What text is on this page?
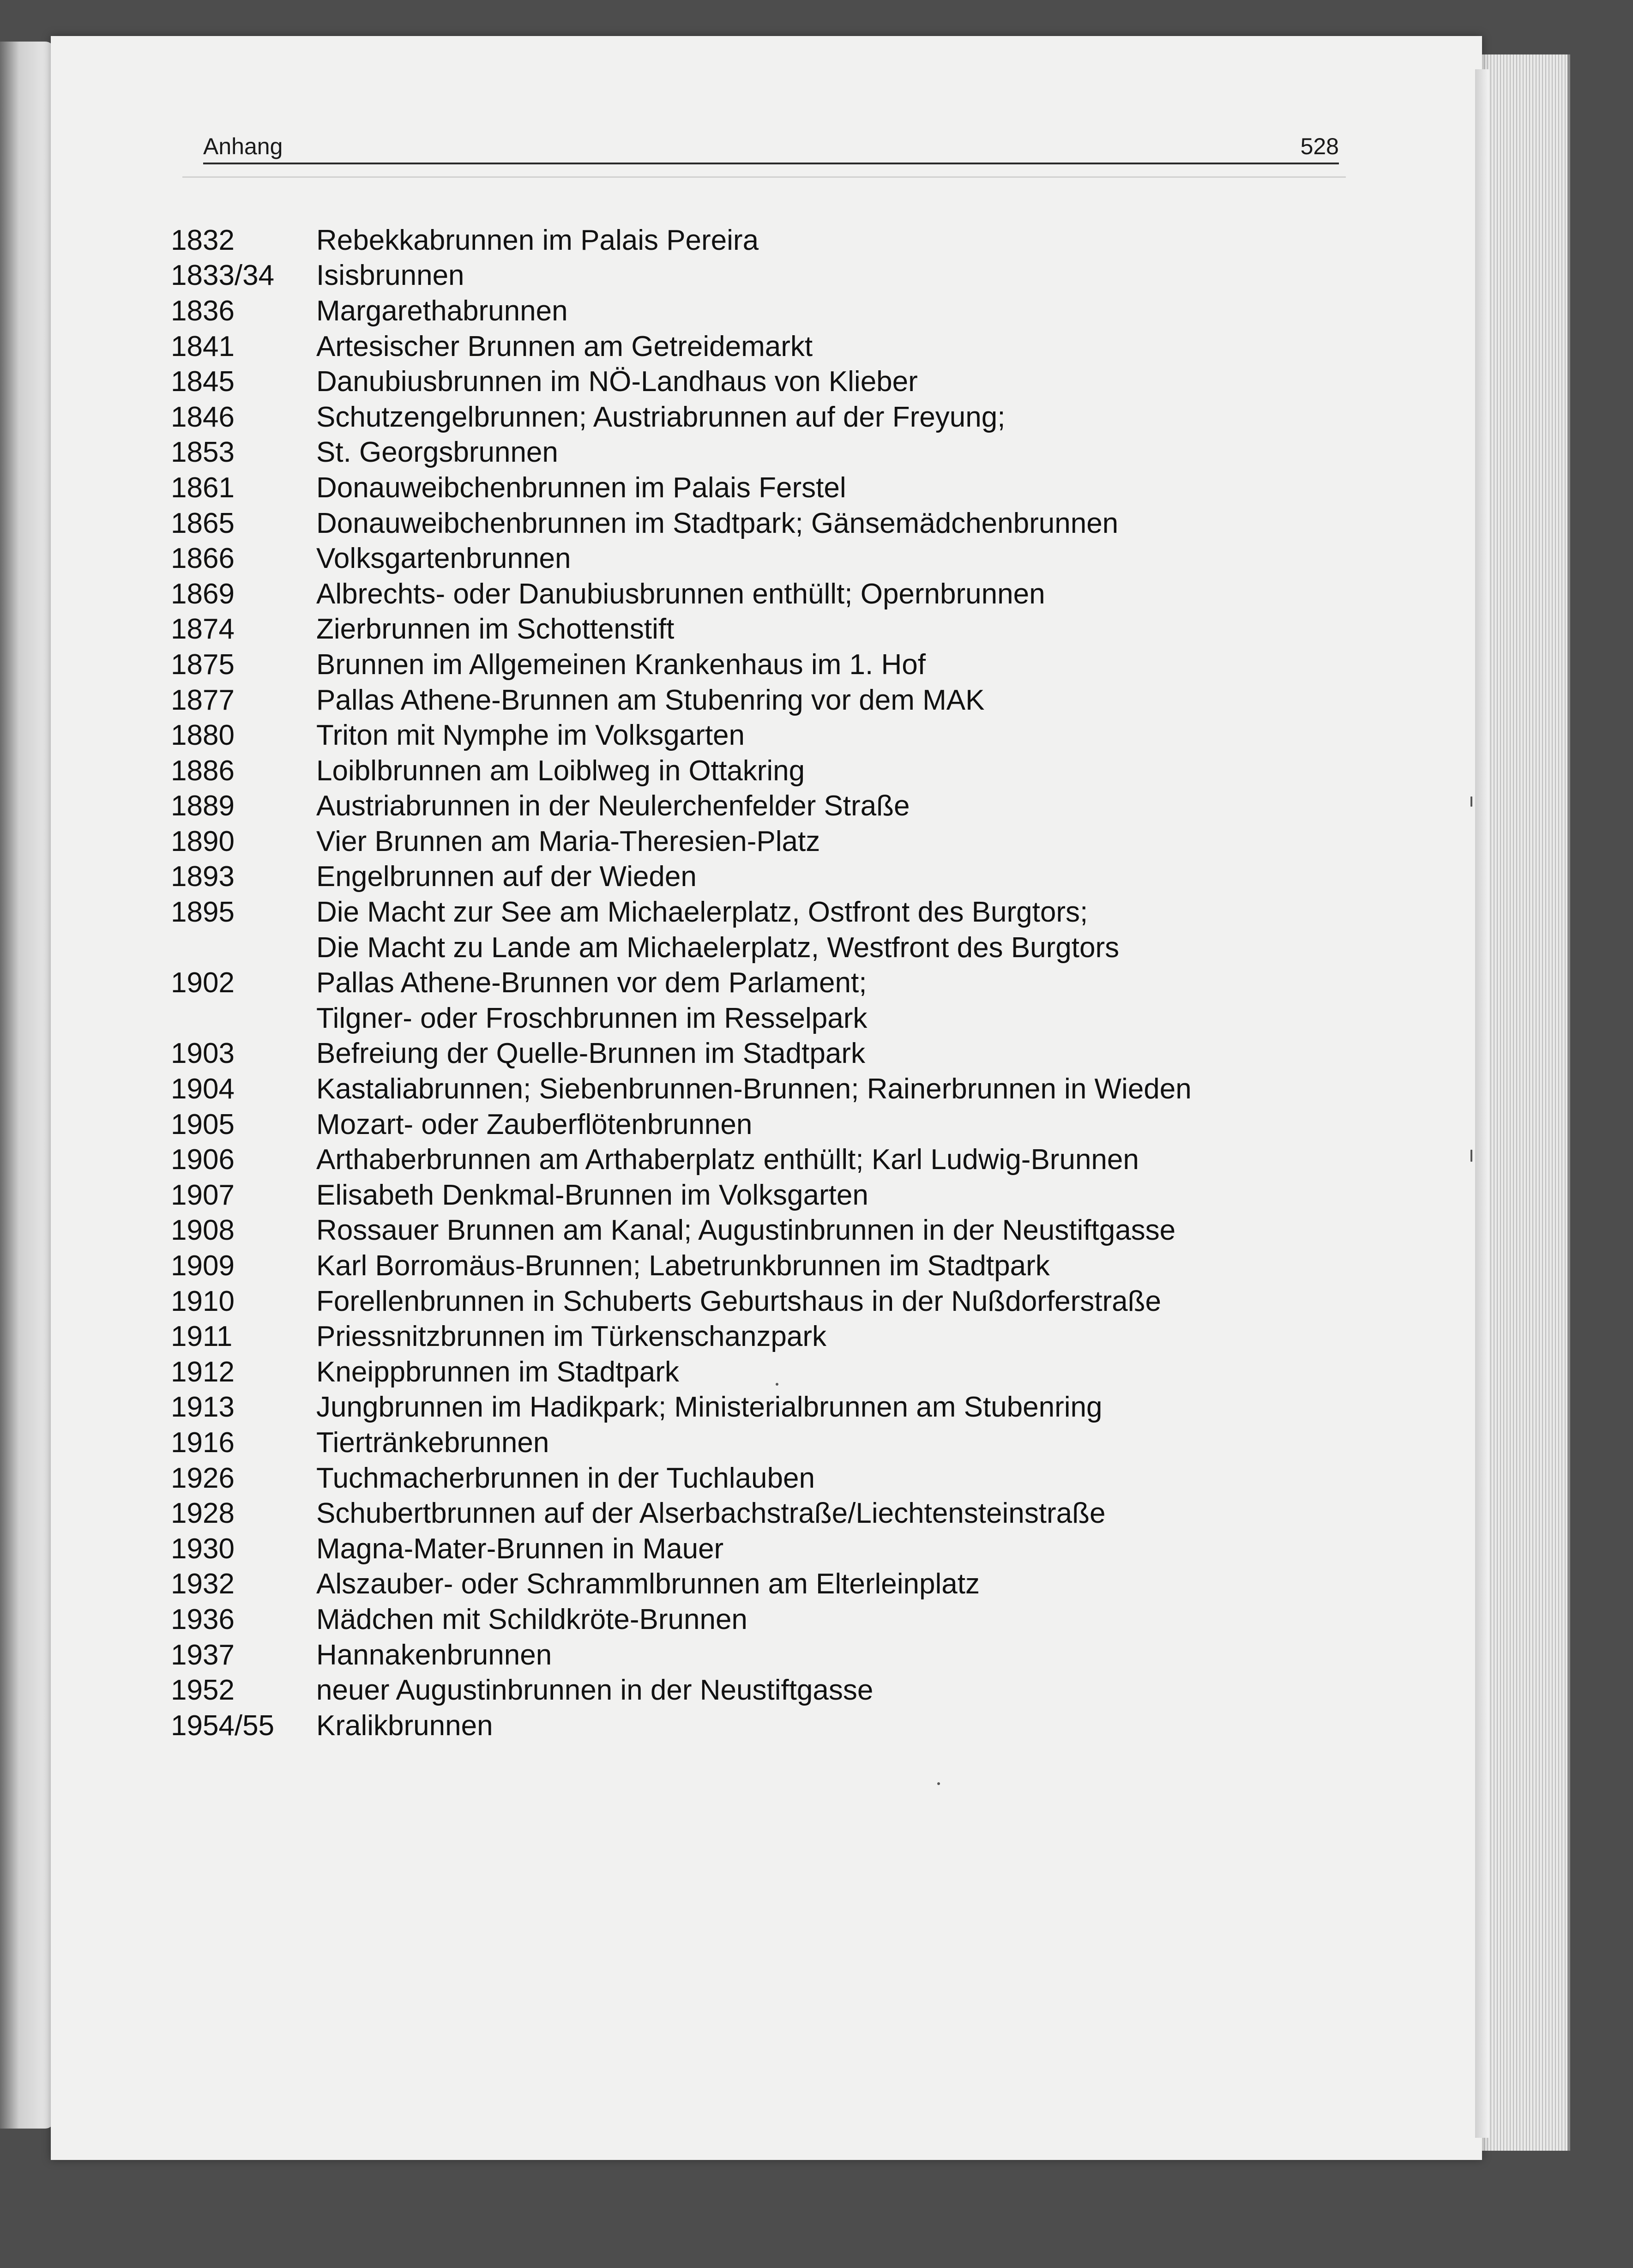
Anhang	528
1832	Rebekkabrunnen im Palais Pereira
1833/34	Isisbrunnen
1836	Margarethabrunnen
1841	Artesischer Brunnen am Getreidemarkt
1845	Danubiusbrunnen im NÖ-Landhaus von Klieber
1846	Schutzengelbrunnen; Austriabrunnen auf der Freyung;
1853	St. Georgsbrunnen
1861	Donauweibchenbrunnen im Palais Ferstel
1865	Donauweibchenbrunnen im Stadtpark; Gänsemädchenbrunnen
1866	Volksgartenbrunnen
1869	Albrechts- oder Danubiusbrunnen enthüllt; Opernbrunnen
1874	Zierbrunnen im Schottenstift
1875	Brunnen im Allgemeinen Krankenhaus im 1. Hof
1877	Pallas Athene-Brunnen am Stubenring vor dem MAK
1880	Triton mit Nymphe im Volksgarten
1886	Loiblbrunnen am Loiblweg in Ottakring
1889	Austriabrunnen in der Neulerchenfelder Straße
1890	Vier Brunnen am Maria-Theresien-Platz
1893	Engelbrunnen auf der Wieden
1895	Die Macht zur See am Michaelerplatz, Ostfront des Burgtors;
Die Macht zu Lande am Michaelerplatz, Westfront des Burgtors
1902	Pallas Athene-Brunnen vor dem Parlament;
Tilgner- oder Froschbrunnen im Resselpark
1903	Befreiung der Quelle-Brunnen im Stadtpark
1904	Kastaliabrunnen; Siebenbrunnen-Brunnen; Rainerbrunnen in Wieden
1905	Mozart- oder Zauberflötenbrunnen
1906	Arthaberbrunnen am Arthaberplatz enthüllt; Karl Ludwig-Brunnen
1907	Elisabeth Denkmal-Brunnen im Volksgarten
1908	Rossauer Brunnen am Kanal; Augustinbrunnen in der Neustiftgasse
1909	Karl Borromäus-Brunnen; Labetrunkbrunnen im Stadtpark
1910	Forellenbrunnen in Schuberts Geburtshaus in der Nußdorferstraße
1911	Priessnitzbrunnen im Türkenschanzpark
1912	Kneippbrunnen im Stadtpark
1913	Jungbrunnen im Hadikpark; Ministerialbrunnen am Stubenring
1916	Tiertränkebrunnen
1926	Tuchmacherbrunnen in der Tuchlauben
1928	Schubertbrunnen auf der Alserbachstraße/Liechtensteinstraße
1930	Magna-Mater-Brunnen in Mauer
1932	Alszauber- oder Schrammlbrunnen am Elterleinplatz
1936	Mädchen mit Schildkröte-Brunnen
1937	Hannakenbrunnen
1952	neuer Augustinbrunnen in der Neustiftgasse
1954/55	Kralikbrunnen
